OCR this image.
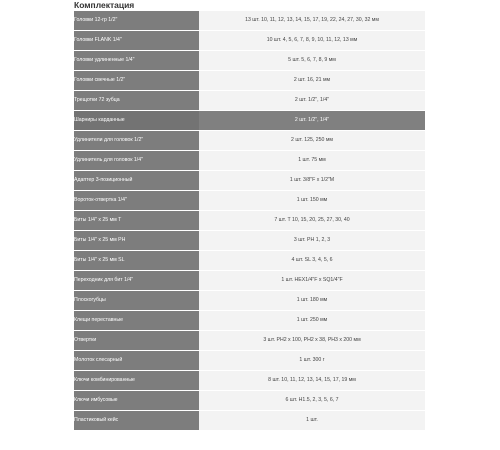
Комплектация
Головки 12-гр 1/2"	13 шт. 10, 11, 12, 13, 14, 15, 17, 19, 22, 24, 27, 30, 32 мм
Головки FLANK 1/4"	10 шт. 4, 5, 6, 7, 8, 9, 10, 11, 12, 13 мм
Головки удлиненные 1/4"	5 шт. 5, 6, 7, 8, 9 мм
Головки свечные 1/2"	2 шт. 16, 21 мм
Трещотки 72 зубца	2 шт. 1/2", 1/4"
Шарниры карданные	2 шт. 1/2", 1/4"
Удлинители для головок 1/2"	2 шт. 125, 250 мм
Удлинитель для головок 1/4"	1 шт. 75 мм
Адаптер 3-позиционный	1 шт. 3/8"F x 1/2"M
Вороток-отвертка 1/4"	1 шт. 150 мм
Биты 1/4" x 25 мм T	7 шт. T 10, 15, 20, 25, 27, 30, 40
Биты 1/4" x 25 мм PH	3 шт. PH 1, 2, 3
Биты 1/4" x 25 мм SL	4 шт. SL 3, 4, 5, 6
Переходник для бит 1/4"	1 шт. HEX1/4"F x SQ1/4"F
Плоскогубцы	1 шт. 180 мм
Клещи переставные	1 шт. 250 мм
Отвертки	3 шт. PH2 x 100, PH2 x 38, PH3 x 200 мм
Молоток слесарный	1 шт. 300 г
Ключи комбинированные	8 шт. 10, 11, 12, 13, 14, 15, 17, 19 мм
Ключи имбусовые	6 шт. H1.5, 2, 3, 5, 6, 7
Пластиковый кейс	1 шт.
